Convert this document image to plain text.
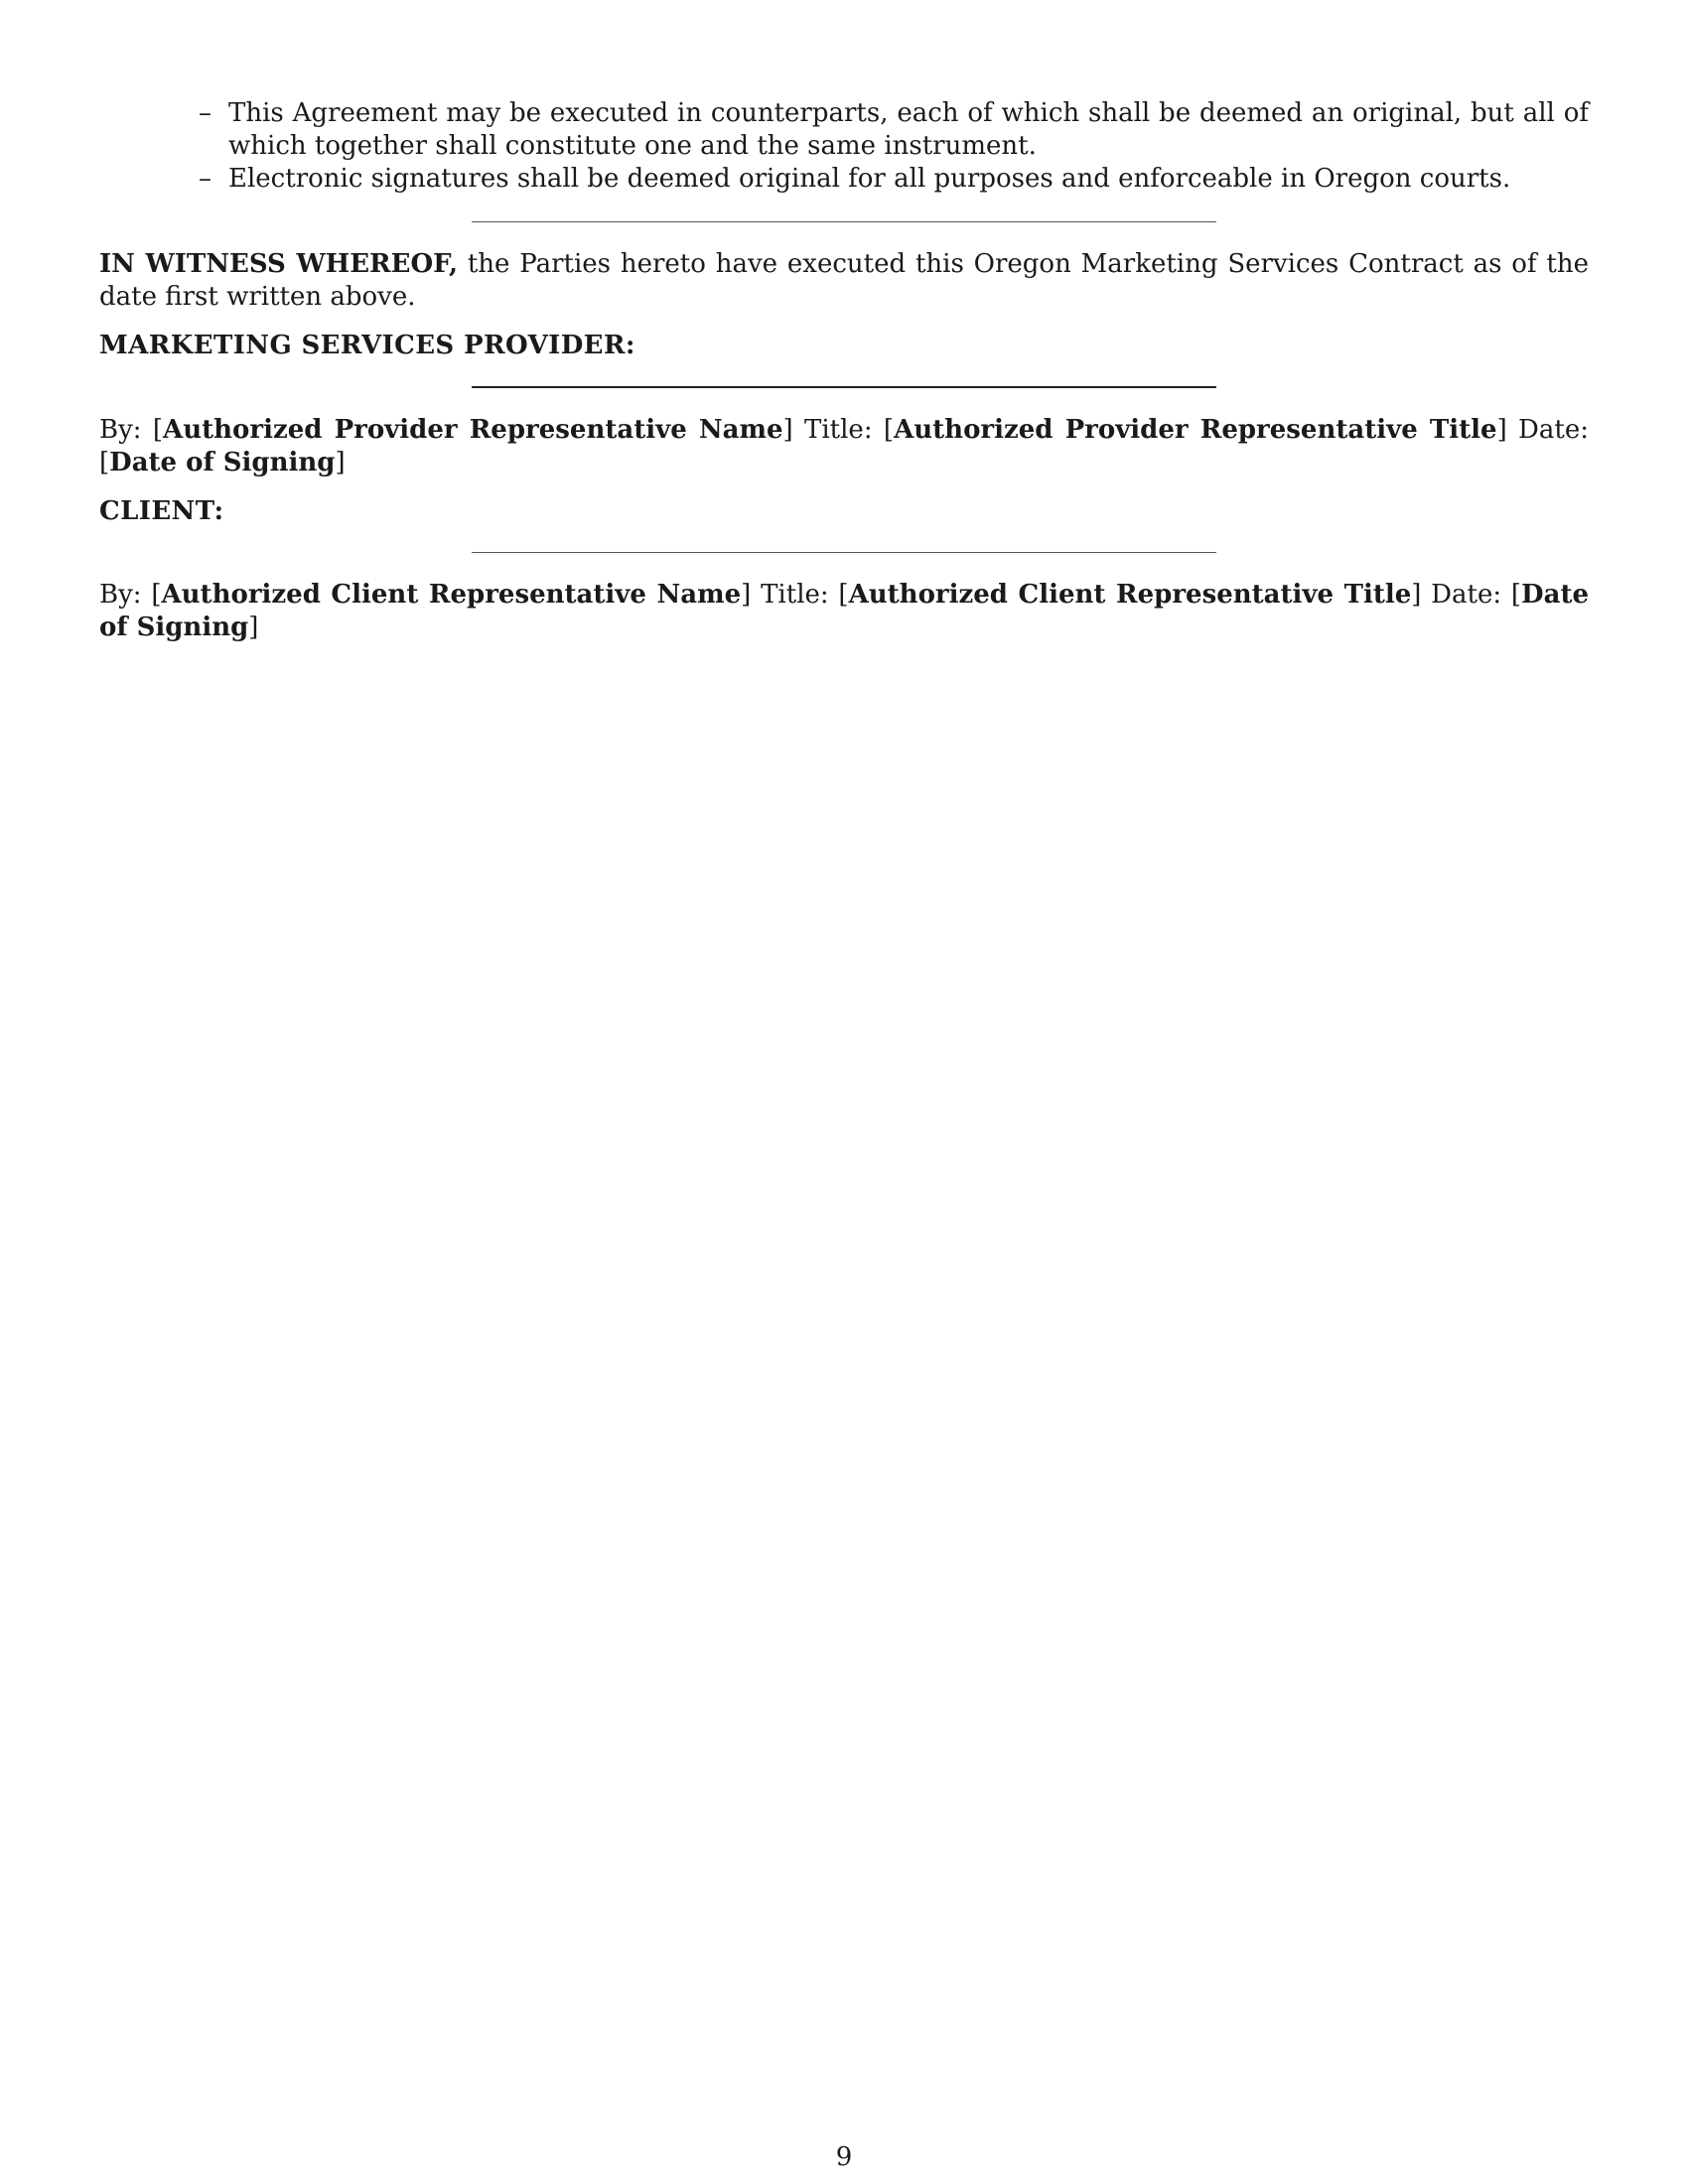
– This Agreement may be executed in counterparts, each of which shall be deemed an original, but all of which together shall constitute one and the same instrument.
– Electronic signatures shall be deemed original for all purposes and enforceable in Oregon courts.

IN WITNESS WHEREOF, the Parties hereto have executed this Oregon Marketing Services Contract as of the date first written above.

MARKETING SERVICES PROVIDER:

By: [Authorized Provider Representative Name] Title: [Authorized Provider Representative Title] Date: [Date of Signing]

CLIENT:

By: [Authorized Client Representative Name] Title: [Authorized Client Representative Title] Date: [Date of Signing]

9
